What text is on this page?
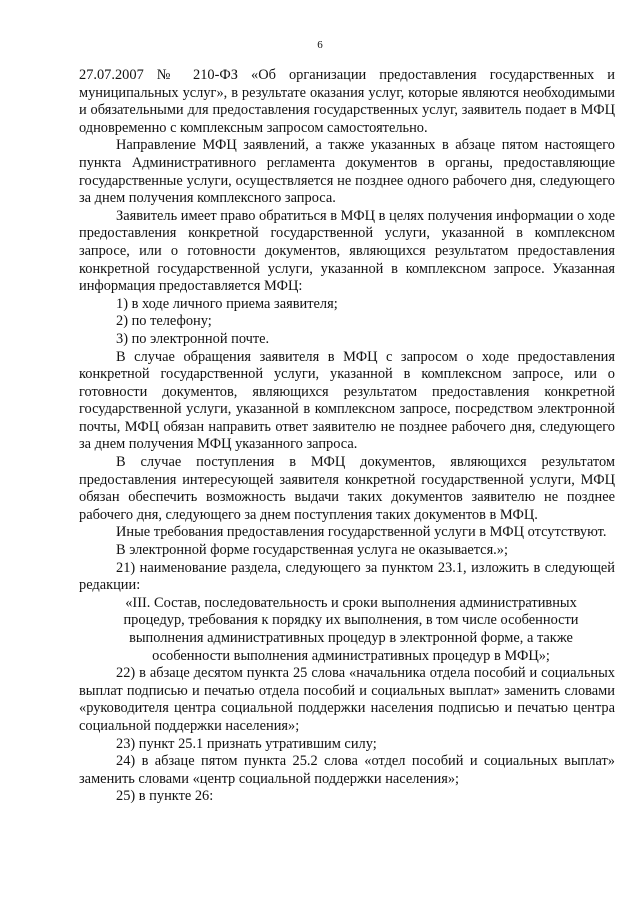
6

27.07.2007 № 210-ФЗ «Об организации предоставления государственных и муниципальных услуг», в результате оказания услуг, которые являются необходимыми и обязательными для предоставления государственных услуг, заявитель подает в МФЦ одновременно с комплексным запросом самостоятельно.

Направление МФЦ заявлений, а также указанных в абзаце пятом настоящего пункта Административного регламента документов в органы, предоставляющие государственные услуги, осуществляется не позднее одного рабочего дня, следующего за днем получения комплексного запроса.

Заявитель имеет право обратиться в МФЦ в целях получения информации о ходе предоставления конкретной государственной услуги, указанной в комплексном запросе, или о готовности документов, являющихся результатом предоставления конкретной государственной услуги, указанной в комплексном запросе. Указанная информация предоставляется МФЦ:

1) в ходе личного приема заявителя;

2) по телефону;

3) по электронной почте.

В случае обращения заявителя в МФЦ с запросом о ходе предоставления конкретной государственной услуги, указанной в комплексном запросе, или о готовности документов, являющихся результатом предоставления конкретной государственной услуги, указанной в комплексном запросе, посредством электронной почты, МФЦ обязан направить ответ заявителю не позднее рабочего дня, следующего за днем получения МФЦ указанного запроса.

В случае поступления в МФЦ документов, являющихся результатом предоставления интересующей заявителя конкретной государственной услуги, МФЦ обязан обеспечить возможность выдачи таких документов заявителю не позднее рабочего дня, следующего за днем поступления таких документов в МФЦ.

Иные требования предоставления государственной услуги в МФЦ отсутствуют.

В электронной форме государственная услуга не оказывается.»;

21) наименование раздела, следующего за пунктом 23.1, изложить в следующей редакции:

«III. Состав, последовательность и сроки выполнения административных процедур, требования к порядку их выполнения, в том числе особенности выполнения административных процедур в электронной форме, а также особенности выполнения административных процедур в МФЦ»;

22) в абзаце десятом пункта 25 слова «начальника отдела пособий и социальных выплат подписью и печатью отдела пособий и социальных выплат» заменить словами «руководителя центра социальной поддержки населения подписью и печатью центра социальной поддержки населения»;

23) пункт 25.1 признать утратившим силу;

24) в абзаце пятом пункта 25.2 слова «отдел пособий и социальных выплат» заменить словами «центр социальной поддержки населения»;

25) в пункте 26:
